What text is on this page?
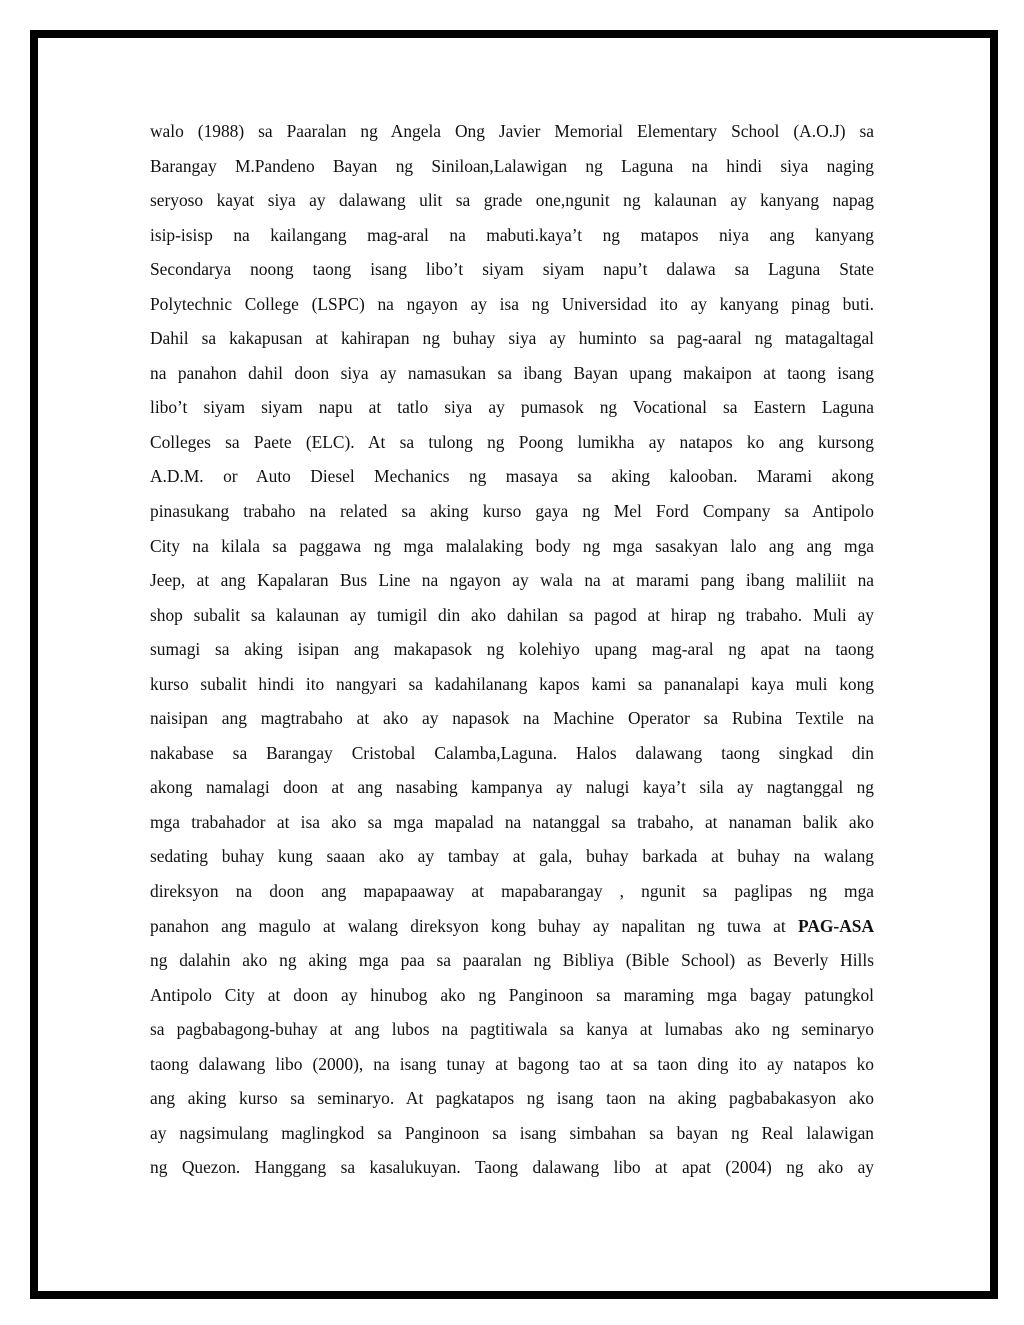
walo (1988) sa Paaralan ng Angela Ong Javier Memorial Elementary School (A.O.J) sa
Barangay M.Pandeno Bayan ng Siniloan,Lalawigan ng Laguna na hindi siya naging
seryoso kayat siya ay dalawang ulit sa grade one,ngunit ng kalaunan ay kanyang napag
isip-isisp na kailangang mag-aral na mabuti.kaya’t ng matapos niya ang kanyang
Secondarya noong taong isang libo’t siyam siyam napu’t dalawa sa Laguna State
Polytechnic College (LSPC) na ngayon ay isa ng Universidad ito ay kanyang pinag buti.
Dahil sa kakapusan at kahirapan ng buhay siya ay huminto sa pag-aaral ng matagaltagal
na panahon dahil doon siya ay namasukan sa ibang Bayan upang makaipon at taong isang
libo’t siyam siyam napu at tatlo siya ay pumasok ng Vocational sa Eastern Laguna
Colleges sa Paete (ELC). At sa tulong ng Poong lumikha ay natapos ko ang kursong
A.D.M. or Auto Diesel Mechanics ng masaya sa aking kalooban. Marami akong
pinasukang trabaho na related sa aking kurso gaya ng Mel Ford Company sa Antipolo
City na kilala sa paggawa ng mga malalaking body ng mga sasakyan lalo ang ang mga
Jeep, at ang Kapalaran Bus Line na ngayon ay wala na at marami pang ibang maliliit na
shop subalit sa kalaunan ay tumigil din ako dahilan sa pagod at hirap ng trabaho. Muli ay
sumagi sa aking isipan ang makapasok ng kolehiyo upang mag-aral ng apat na taong
kurso subalit hindi ito nangyari sa kadahilanang kapos kami sa pananalapi kaya muli kong
naisipan ang magtrabaho at ako ay napasok na Machine Operator sa Rubina Textile na
nakabase sa Barangay Cristobal Calamba,Laguna. Halos dalawang taong singkad din
akong namalagi doon at ang nasabing kampanya ay nalugi kaya’t sila ay nagtanggal ng
mga trabahador at isa ako sa mga mapalad na natanggal sa trabaho, at nanaman balik ako
sedating buhay kung saaan ako ay tambay at gala, buhay barkada at buhay na walang
direksyon na doon ang mapapaaway at mapabarangay , ngunit sa paglipas ng mga
panahon ang magulo at walang direksyon kong buhay ay napalitan ng tuwa at PAG-ASA
ng dalahin ako ng aking mga paa sa paaralan ng Bibliya (Bible School) as Beverly Hills
Antipolo City at doon ay hinubog ako ng Panginoon sa maraming mga bagay patungkol
sa pagbabagong-buhay at ang lubos na pagtitiwala sa kanya at lumabas ako ng seminaryo
taong dalawang libo (2000), na isang tunay at bagong tao at sa taon ding ito ay natapos ko
ang aking kurso sa seminaryo. At pagkatapos ng isang taon na aking pagbabakasyon ako
ay nagsimulang maglingkod sa Panginoon sa isang simbahan sa bayan ng Real lalawigan
ng Quezon. Hanggang sa kasalukuyan. Taong dalawang libo at apat (2004) ng ako ay
